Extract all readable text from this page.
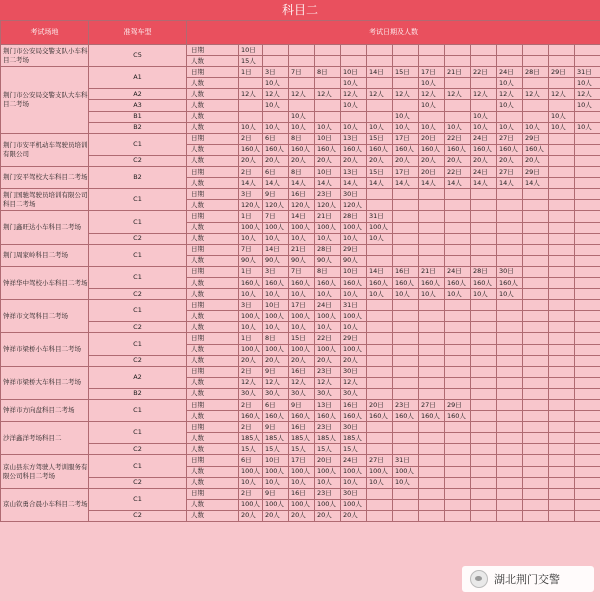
科目二
考试场地	准驾车型	考试日期及人数														
荆门市公安局交警支队小车科目二考场	C5	日期	10日													
		人数	15人													
荆门市公安局交警支队大车科目二考场	A1	日期	1日	3日	7日	8日	10日	14日	15日	17日	21日	22日	24日	28日	29日	31日
		人数		10人			10人			10人			10人			10人
	A2	人数	12人	12人	12人	12人	12人	12人	12人	12人	12人	12人	12人	12人	12人	12人
	A3	人数		10人			10人			10人			10人			10人
	B1	人数			10人				10人			10人			10人	
	B2	人数	10人	10人	10人	10人	10人	10人	10人	10人	10人	10人	10人	10人	10人	10人
荆门市安平机动车驾驶员培训有限公司	C1	日期	2日	6日	8日	10日	13日	15日	17日	20日	22日	24日	27日	29日		
		人数	160人	160人	160人	160人	160人	160人	160人	160人	160人	160人	160人	160人		
	C2	人数	20人	20人	20人	20人	20人	20人	20人	20人	20人	20人	20人	20人		
荆门安平驾校大车科目二考场	B2	日期	2日	6日	8日	10日	13日	15日	17日	20日	22日	24日	27日	29日		
		人数	14人	14人	14人	14人	14人	14人	14人	14人	14人	14人	14人	14人		
荆门国驰驾驶员培训有限公司科目二考场	C1	日期	3日	9日	16日	23日	30日									
		人数	120人	120人	120人	120人	120人									
荆门鑫旺达小车科目二考场	C1	日期	1日	7日	14日	21日	28日	31日								
		人数	100人	100人	100人	100人	100人	100人								
	C2	人数	10人	10人	10人	10人	10人	10人								
荆门周家岭科目二考场	C1	日期	7日	14日	21日	28日	29日									
		人数	90人	90人	90人	90人	90人									
钟祥华中驾校小车科目二考场	C1	日期	1日	3日	7日	8日	10日	14日	16日	21日	24日	28日	30日			
		人数	160人	160人	160人	160人	160人	160人	160人	160人	160人	160人	160人			
	C2	人数	10人	10人	10人	10人	10人	10人	10人	10人	10人	10人	10人			
钟祥市文驾科目二考场	C1	日期	3日	10日	17日	24日	31日									
		人数	100人	100人	100人	100人	100人									
	C2	人数	10人	10人	10人	10人	10人									
钟祥市梁桥小车科目二考场	C1	日期	1日	8日	15日	22日	29日									
		人数	100人	100人	100人	100人	100人									
	C2	人数	20人	20人	20人	20人	20人									
钟祥市梁桥大车科目二考场	A2	日期	2日	9日	16日	23日	30日									
		人数	12人	12人	12人	12人	12人									
	B2	人数	30人	30人	30人	30人	30人									
钟祥市方向盘科目二考场	C1	日期	2日	6日	9日	13日	16日	20日	23日	27日	29日					
		人数	160人	160人	160人	160人	160人	160人	160人	160人	160人					
沙洋鑫洋考场科目二	C1	日期	2日	9日	16日	23日	30日									
		人数	185人	185人	185人	185人	185人									
	C2	人数	15人	15人	15人	15人	15人									
京山县东方驾驶人考训服务有限公司科目二考场	C1	日期	6日	10日	17日	20日	24日	27日	31日							
		人数	100人	100人	100人	100人	100人	100人	100人							
	C2	人数	10人	10人	10人	10人	10人	10人	10人							
京山钦勇合晨小车科目二考场	C1	日期	2日	9日	16日	23日	30日									
		人数	100人	100人	100人	100人	100人									
	C2	人数	20人	20人	20人	20人	20人									
湖北荆门交警
